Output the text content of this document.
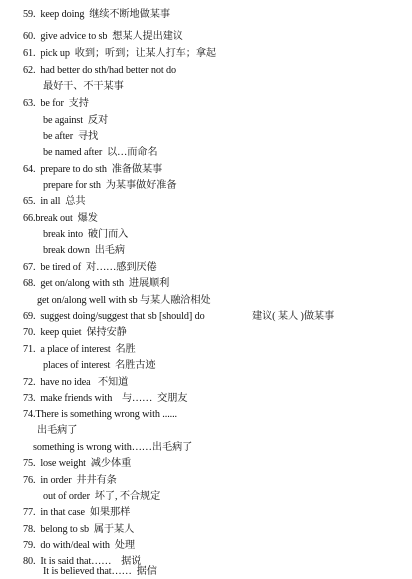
59.  keep doing  继续不断地做某事
60.  give advice to sb  想某人提出建议
61.  pick up  收到；听到；让某人打车；拿起
62.  had better do sth/had better not do
最好干、不干某事
63.  be for  支持
be against  反对
be after  寻找
be named after  以…而命名
64.  prepare to do sth  准备做某事
prepare for sth  为某事做好准备
65.  in all  总共
66.break out  爆发
break into  破门而入
break down  出毛病
67.  be tired of  对……感到厌倦
68.  get on/along with sth  进展顺利
get on/along well with sb 与某人融洽相处
69.  suggest doing/suggest that sb [should] do	建议( 某人 )做某事
70.  keep quiet  保持安静
71.  a place of interest  名胜
places of interest  名胜古迹
72.  have no idea   不知道
73.  make friends with    与……  交朋友
74.There is something wrong with ......
出毛病了
something is wrong with……出毛病了
75.  lose weight  减少体重
76.  in order  井井有条
out of order  坏了, 不合规定
77.  in that case  如果那样
78.  belong to sb  属于某人
79.  do with/deal with  处理
80.  It is said that……    据说
It is believed that……  据信
